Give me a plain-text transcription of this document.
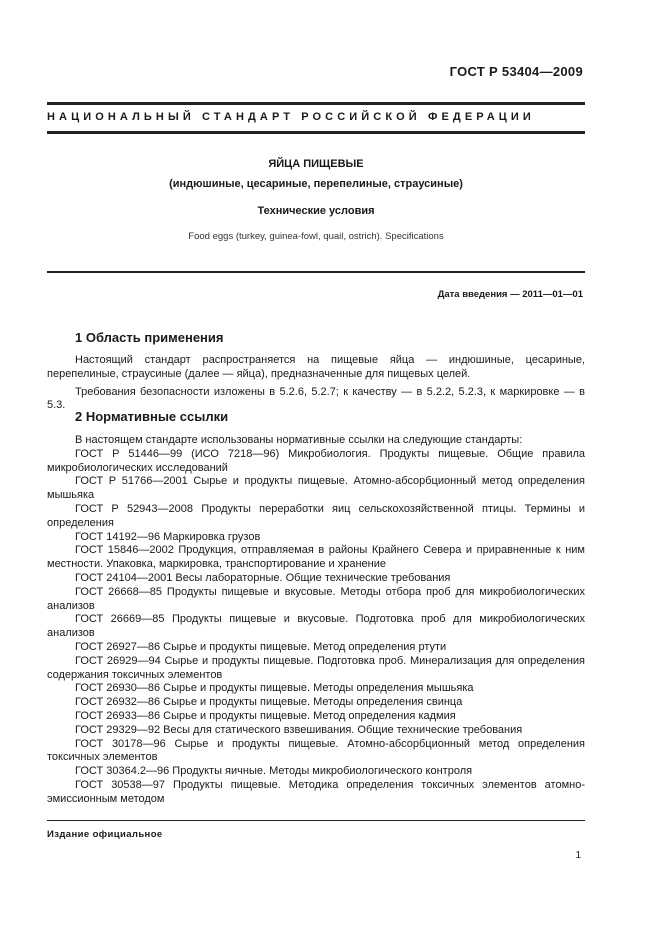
ГОСТ Р 53404—2009
НАЦИОНАЛЬНЫЙ СТАНДАРТ РОССИЙСКОЙ ФЕДЕРАЦИИ
ЯЙЦА ПИЩЕВЫЕ
(индюшиные, цесариные, перепелиные, страусиные)
Технические условия
Food eggs (turkey, guinea-fowl, quail, ostrich). Specifications
Дата введения — 2011—01—01
1 Область применения

Настоящий стандарт распространяется на пищевые яйца — индюшиные, цесариные, перепелиные, страусиные (далее — яйца), предназначенные для пищевых целей.

Требования безопасности изложены в 5.2.6, 5.2.7; к качеству — в 5.2.2, 5.2.3, к маркировке — в 5.3.

2 Нормативные ссылки

В настоящем стандарте использованы нормативные ссылки на следующие стандарты:

ГОСТ Р 51446—99 (ИСО 7218—96) Микробиология. Продукты пищевые. Общие правила микробиологических исследований

ГОСТ Р 51766—2001 Сырье и продукты пищевые. Атомно-абсорбционный метод определения мышьяка

ГОСТ Р 52943—2008 Продукты переработки яиц сельскохозяйственной птицы. Термины и определения

ГОСТ 14192—96 Маркировка грузов

ГОСТ 15846—2002 Продукция, отправляемая в районы Крайнего Севера и приравненные к ним местности. Упаковка, маркировка, транспортирование и хранение

ГОСТ 24104—2001 Весы лабораторные. Общие технические требования

ГОСТ 26668—85 Продукты пищевые и вкусовые. Методы отбора проб для микробиологических анализов

ГОСТ 26669—85 Продукты пищевые и вкусовые. Подготовка проб для микробиологических анализов

ГОСТ 26927—86 Сырье и продукты пищевые. Метод определения ртути

ГОСТ 26929—94 Сырье и продукты пищевые. Подготовка проб. Минерализация для определения содержания токсичных элементов

ГОСТ 26930—86 Сырье и продукты пищевые. Методы определения мышьяка

ГОСТ 26932—86 Сырье и продукты пищевые. Методы определения свинца

ГОСТ 26933—86 Сырье и продукты пищевые. Метод определения кадмия

ГОСТ 29329—92 Весы для статического взвешивания. Общие технические требования

ГОСТ 30178—96 Сырье и продукты пищевые. Атомно-абсорбционный метод определения токсичных элементов

ГОСТ 30364.2—96 Продукты яичные. Методы микробиологического контроля

ГОСТ 30538—97 Продукты пищевые. Методика определения токсичных элементов атомно-эмиссионным методом

Издание официальное
1
